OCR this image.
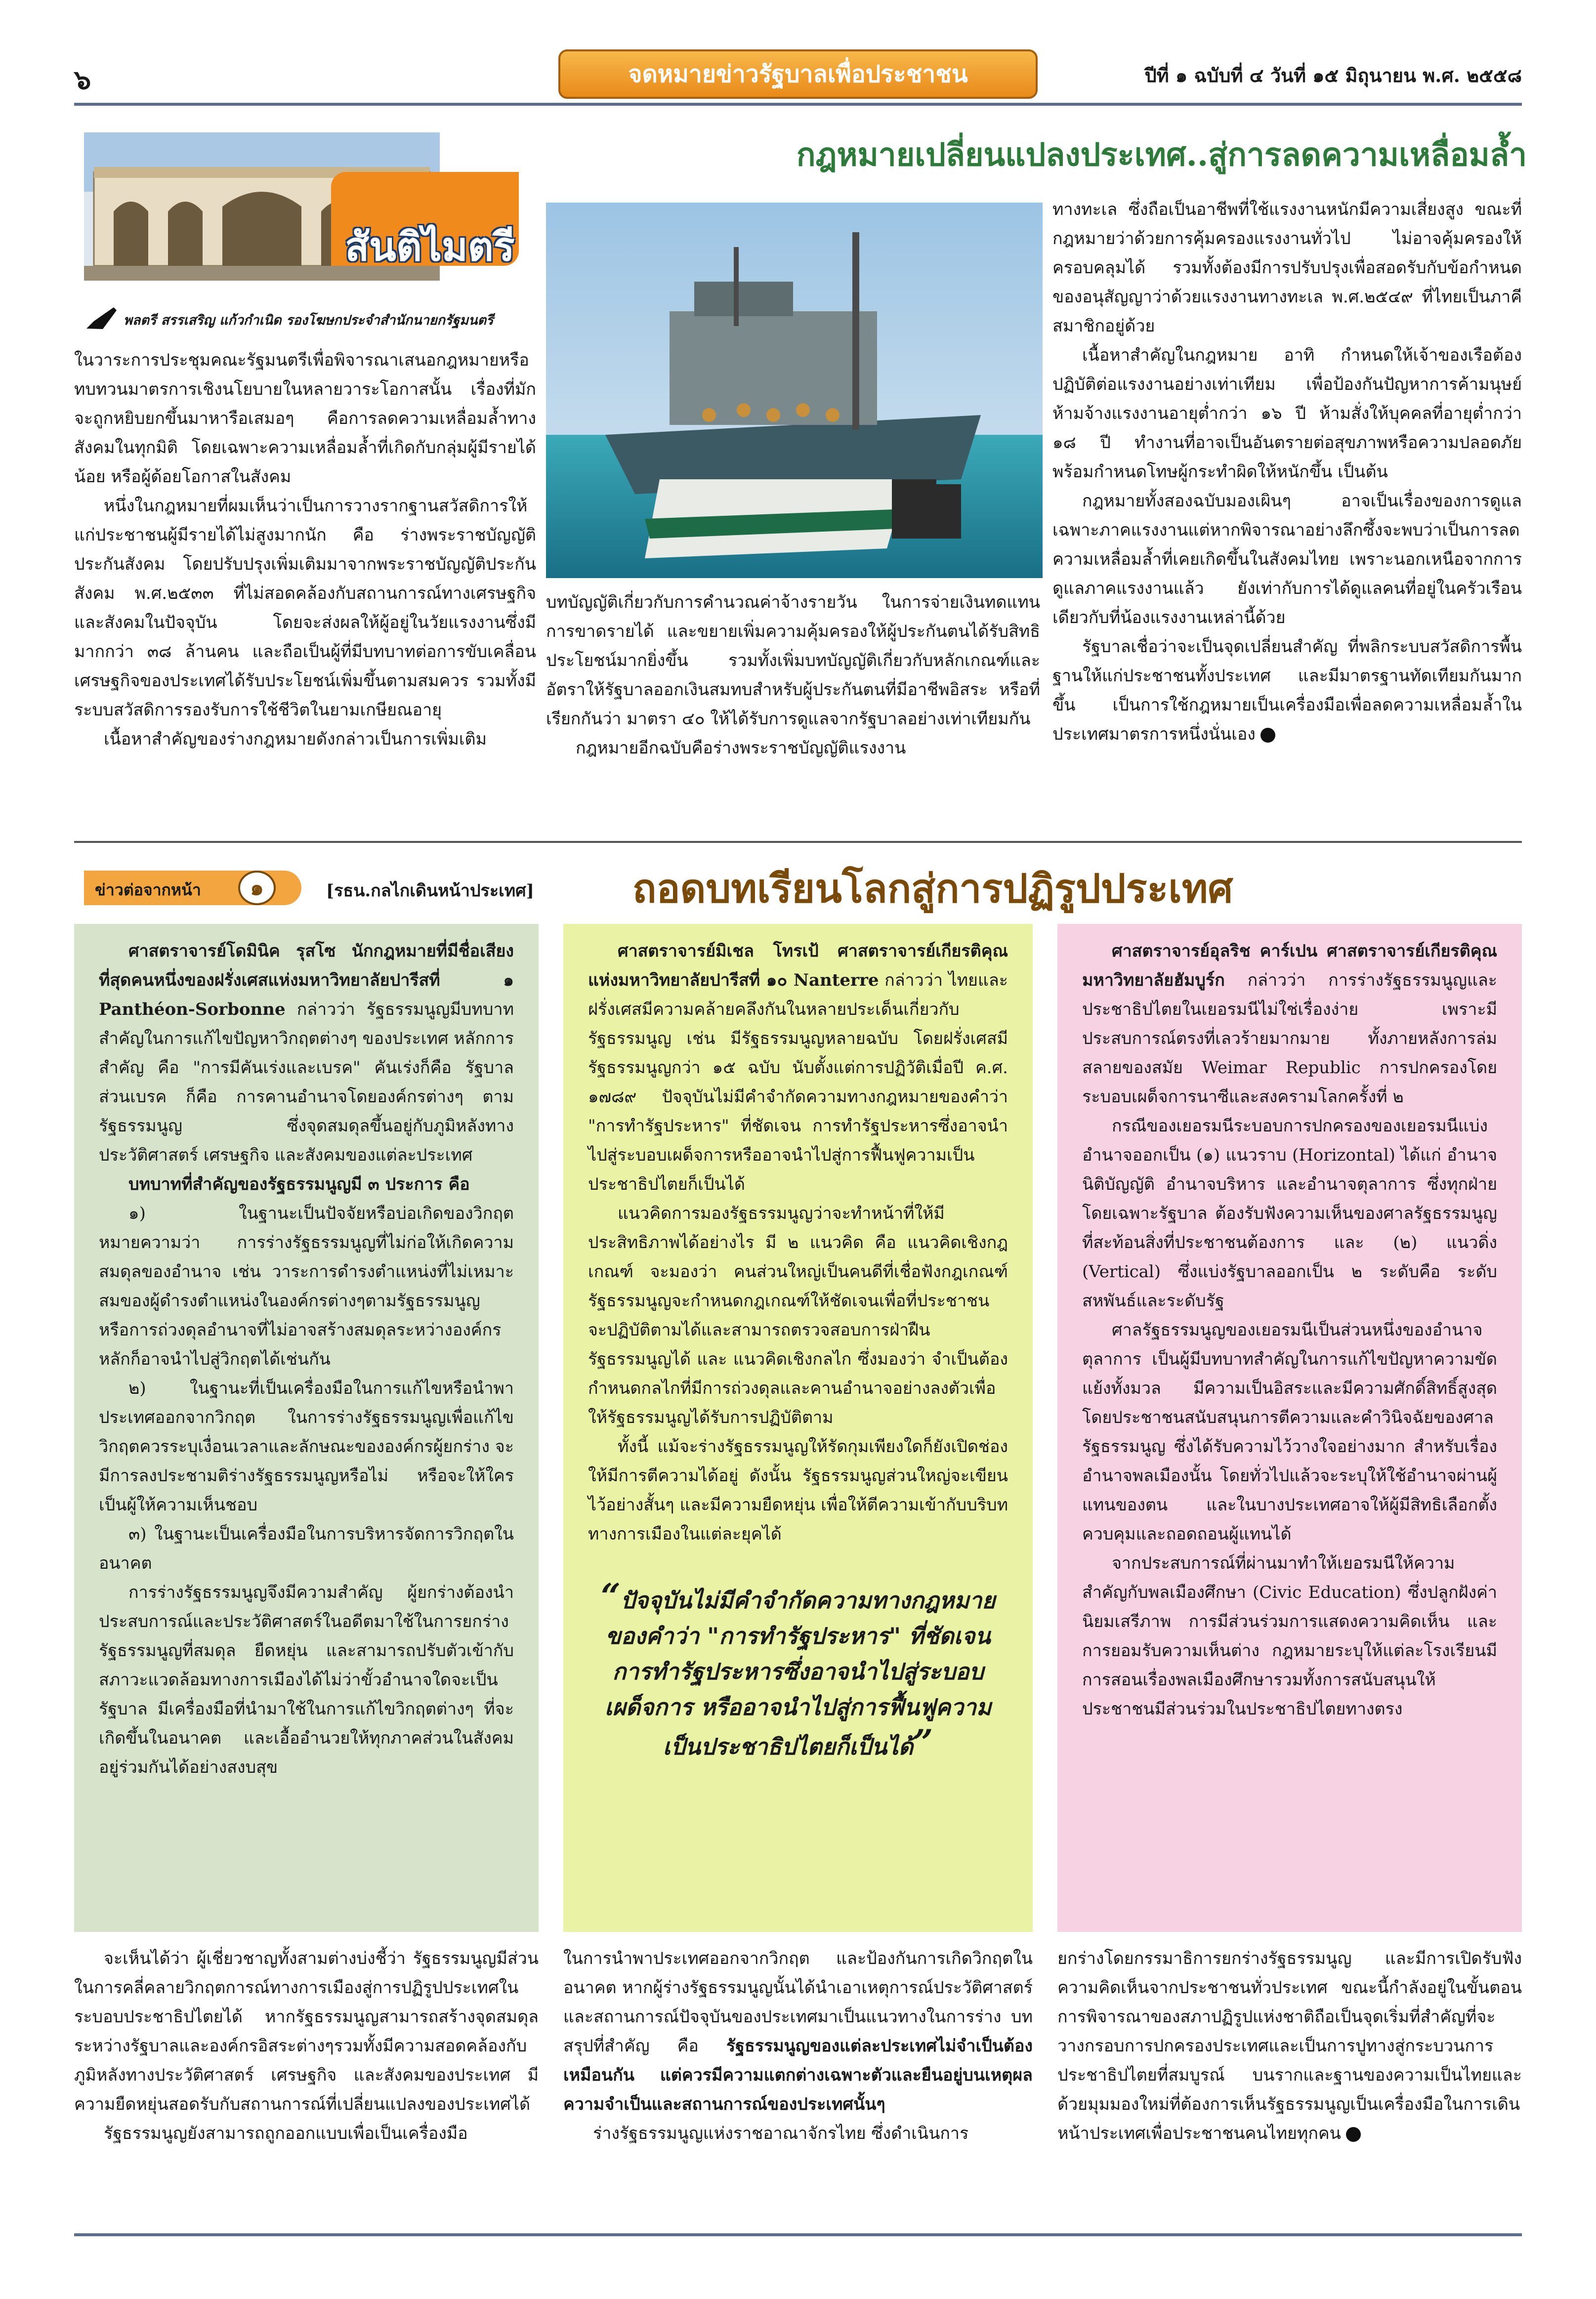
๖	จดหมายข่าวรัฐบาลเพื่อประชาชน	ปีที่ ๑ ฉบับที่ ๔ วันที่ ๑๕ มิถุนายน พ.ศ. ๒๕๕๘
สันติไมตรี
พลตรี สรรเสริญ แก้วกำเนิด รองโฆษกประจำสำนักนายกรัฐมนตรี
กฎหมายเปลี่ยนแปลงประเทศ..สู่การลดความเหลื่อมล้ำ

ในวาระการประชุมคณะรัฐมนตรีเพื่อพิจารณาเสนอกฎหมายหรือทบทวนมาตรการเชิงนโยบายในหลายวาระโอกาสนั้น เรื่องที่มักจะถูกหยิบยกขึ้นมาหารือเสมอๆ คือการลดความเหลื่อมล้ำทางสังคมในทุกมิติ โดยเฉพาะความเหลื่อมล้ำที่เกิดกับกลุ่มผู้มีรายได้น้อย หรือผู้ด้อยโอกาสในสังคม

หนึ่งในกฎหมายที่ผมเห็นว่าเป็นการวางรากฐานสวัสดิการให้แก่ประชาชนผู้มีรายได้ไม่สูงมากนัก คือ ร่างพระราชบัญญัติประกันสังคม โดยปรับปรุงเพิ่มเติมมาจากพระราชบัญญัติประกันสังคม พ.ศ.๒๕๓๓ ที่ไม่สอดคล้องกับสถานการณ์ทางเศรษฐกิจและสังคมในปัจจุบัน โดยจะส่งผลให้ผู้อยู่ในวัยแรงงานซึ่งมีมากกว่า ๓๘ ล้านคน และถือเป็นผู้ที่มีบทบาทต่อการขับเคลื่อนเศรษฐกิจของประเทศได้รับประโยชน์เพิ่มขึ้นตามสมควร รวมทั้งมีระบบสวัสดิการรองรับการใช้ชีวิตในยามเกษียณอายุ

เนื้อหาสำคัญของร่างกฎหมายดังกล่าวเป็นการเพิ่มเติม

บทบัญญัติเกี่ยวกับการคำนวณค่าจ้างรายวัน ในการจ่ายเงินทดแทนการขาดรายได้ และขยายเพิ่มความคุ้มครองให้ผู้ประกันตนได้รับสิทธิประโยชน์มากยิ่งขึ้น รวมทั้งเพิ่มบทบัญญัติเกี่ยวกับหลักเกณฑ์และอัตราให้รัฐบาลออกเงินสมทบสำหรับผู้ประกันตนที่มีอาชีพอิสระ หรือที่เรียกกันว่า มาตรา ๔๐ ให้ได้รับการดูแลจากรัฐบาลอย่างเท่าเทียมกัน

กฎหมายอีกฉบับคือร่างพระราชบัญญัติแรงงาน

ทางทะเล ซึ่งถือเป็นอาชีพที่ใช้แรงงานหนักมีความเสี่ยงสูง ขณะที่กฎหมายว่าด้วยการคุ้มครองแรงงานทั่วไป ไม่อาจคุ้มครองให้ครอบคลุมได้ รวมทั้งต้องมีการปรับปรุงเพื่อสอดรับกับข้อกำหนดของอนุสัญญาว่าด้วยแรงงานทางทะเล พ.ศ.๒๕๔๙ ที่ไทยเป็นภาคีสมาชิกอยู่ด้วย

เนื้อหาสำคัญในกฎหมาย อาทิ กำหนดให้เจ้าของเรือต้องปฏิบัติต่อแรงงานอย่างเท่าเทียม เพื่อป้องกันปัญหาการค้ามนุษย์ ห้ามจ้างแรงงานอายุต่ำกว่า ๑๖ ปี ห้ามสั่งให้บุคคลที่อายุต่ำกว่า ๑๘ ปี ทำงานที่อาจเป็นอันตรายต่อสุขภาพหรือความปลอดภัย พร้อมกำหนดโทษผู้กระทำผิดให้หนักขึ้น เป็นต้น

กฎหมายทั้งสองฉบับมองเผินๆ อาจเป็นเรื่องของการดูแลเฉพาะภาคแรงงานแต่หากพิจารณาอย่างลึกซึ้งจะพบว่าเป็นการลดความเหลื่อมล้ำที่เคยเกิดขึ้นในสังคมไทย เพราะนอกเหนือจากการดูแลภาคแรงงานแล้ว ยังเท่ากับการได้ดูแลคนที่อยู่ในครัวเรือนเดียวกับที่น้องแรงงานเหล่านี้ด้วย

รัฐบาลเชื่อว่าจะเป็นจุดเปลี่ยนสำคัญ ที่พลิกระบบสวัสดิการพื้นฐานให้แก่ประชาชนทั้งประเทศ และมีมาตรฐานทัดเทียมกันมากขึ้น เป็นการใช้กฎหมายเป็นเครื่องมือเพื่อลดความเหลื่อมล้ำในประเทศมาตรการหนึ่งนั่นเอง

ข่าวต่อจากหน้า	๑	[รธน.กลไกเดินหน้าประเทศ] ถอดบทเรียนโลกสู่การปฏิรูปประเทศ

ศาสตราจารย์โดมินิค รุสโซ นักกฎหมายที่มีชื่อเสียงที่สุดคนหนึ่งของฝรั่งเศสแห่งมหาวิทยาลัยปารีสที่ ๑ Panthéon-Sorbonne กล่าวว่า รัฐธรรมนูญมีบทบาทสำคัญในการแก้ไขปัญหาวิกฤตต่างๆ ของประเทศ หลักการสำคัญ คือ "การมีคันเร่งและเบรค" คันเร่งก็คือ รัฐบาล ส่วนเบรค ก็คือ การคานอำนาจโดยองค์กรต่างๆ ตามรัฐธรรมนูญ ซึ่งจุดสมดุลขึ้นอยู่กับภูมิหลังทางประวัติศาสตร์ เศรษฐกิจ และสังคมของแต่ละประเทศ

บทบาทที่สำคัญของรัฐธรรมนูญมี ๓ ประการ คือ

๑) ในฐานะเป็นปัจจัยหรือบ่อเกิดของวิกฤต หมายความว่า การร่างรัฐธรรมนูญที่ไม่ก่อให้เกิดความสมดุลของอำนาจ เช่น วาระการดำรงตำแหน่งที่ไม่เหมาะสมของผู้ดำรงตำแหน่งในองค์กรต่างๆตามรัฐธรรมนูญ หรือการถ่วงดุลอำนาจที่ไม่อาจสร้างสมดุลระหว่างองค์กรหลักก็อาจนำไปสู่วิกฤตได้เช่นกัน

๒) ในฐานะที่เป็นเครื่องมือในการแก้ไขหรือนำพาประเทศออกจากวิกฤต ในการร่างรัฐธรรมนูญเพื่อแก้ไขวิกฤตควรระบุเงื่อนเวลาและลักษณะขององค์กรผู้ยกร่าง จะมีการลงประชามติร่างรัฐธรรมนูญหรือไม่ หรือจะให้ใครเป็นผู้ให้ความเห็นชอบ

๓) ในฐานะเป็นเครื่องมือในการบริหารจัดการวิกฤตในอนาคต

การร่างรัฐธรรมนูญจึงมีความสำคัญ ผู้ยกร่างต้องนำประสบการณ์และประวัติศาสตร์ในอดีตมาใช้ในการยกร่างรัฐธรรมนูญที่สมดุล ยืดหยุ่น และสามารถปรับตัวเข้ากับสภาวะแวดล้อมทางการเมืองได้ไม่ว่าขั้วอำนาจใดจะเป็นรัฐบาล มีเครื่องมือที่นำมาใช้ในการแก้ไขวิกฤตต่างๆ ที่จะเกิดขึ้นในอนาคต และเอื้ออำนวยให้ทุกภาคส่วนในสังคมอยู่ร่วมกันได้อย่างสงบสุข

ศาสตราจารย์มิเชล โทรเป้ ศาสตราจารย์เกียรติคุณแห่งมหาวิทยาลัยปารีสที่ ๑๐ Nanterre กล่าวว่า ไทยและฝรั่งเศสมีความคล้ายคลึงกันในหลายประเด็นเกี่ยวกับรัฐธรรมนูญ เช่น มีรัฐธรรมนูญหลายฉบับ โดยฝรั่งเศสมีรัฐธรรมนูญกว่า ๑๕ ฉบับ นับตั้งแต่การปฏิวัติเมื่อปี ค.ศ. ๑๗๘๙ ปัจจุบันไม่มีคำจำกัดความทางกฎหมายของคำว่า "การทำรัฐประหาร" ที่ชัดเจน การทำรัฐประหารซึ่งอาจนำไปสู่ระบอบเผด็จการหรืออาจนำไปสู่การฟื้นฟูความเป็นประชาธิปไตยก็เป็นได้

แนวคิดการมองรัฐธรรมนูญว่าจะทำหน้าที่ให้มีประสิทธิภาพได้อย่างไร มี ๒ แนวคิด คือ แนวคิดเชิงกฎเกณฑ์ จะมองว่า คนส่วนใหญ่เป็นคนดีที่เชื่อฟังกฎเกณฑ์ รัฐธรรมนูญจะกำหนดกฎเกณฑ์ให้ชัดเจนเพื่อที่ประชาชนจะปฏิบัติตามได้และสามารถตรวจสอบการฝ่าฝืนรัฐธรรมนูญได้ และ แนวคิดเชิงกลไก ซึ่งมองว่า จำเป็นต้องกำหนดกลไกที่มีการถ่วงดุลและคานอำนาจอย่างลงตัวเพื่อให้รัฐธรรมนูญได้รับการปฏิบัติตาม

ทั้งนี้ แม้จะร่างรัฐธรรมนูญให้รัดกุมเพียงใดก็ยังเปิดช่องให้มีการตีความได้อยู่ ดังนั้น รัฐธรรมนูญส่วนใหญ่จะเขียนไว้อย่างสั้นๆ และมีความยืดหยุ่น เพื่อให้ตีความเข้ากับบริบททางการเมืองในแต่ละยุคได้

“ปัจจุบันไม่มีคำจำกัดความทางกฎหมายของคำว่า "การทำรัฐประหาร" ที่ชัดเจน การทำรัฐประหารซึ่งอาจนำไปสู่ระบอบเผด็จการ หรืออาจนำไปสู่การฟื้นฟูความเป็นประชาธิปไตยก็เป็นได้”

ศาสตราจารย์อุลริช คาร์เปน ศาสตราจารย์เกียรติคุณ มหาวิทยาลัยฮัมบูร์ก กล่าวว่า การร่างรัฐธรรมนูญและประชาธิปไตยในเยอรมนีไม่ใช่เรื่องง่าย เพราะมีประสบการณ์ตรงที่เลวร้ายมากมาย ทั้งภายหลังการล่มสลายของสมัย Weimar Republic การปกครองโดยระบอบเผด็จการนาซีและสงครามโลกครั้งที่ ๒

กรณีของเยอรมนีระบอบการปกครองของเยอรมนีแบ่งอำนาจออกเป็น (๑) แนวราบ (Horizontal) ได้แก่ อำนาจนิติบัญญัติ อำนาจบริหาร และอำนาจตุลาการ ซึ่งทุกฝ่ายโดยเฉพาะรัฐบาล ต้องรับฟังความเห็นของศาลรัฐธรรมนูญที่สะท้อนสิ่งที่ประชาชนต้องการ และ (๒) แนวดิ่ง (Vertical) ซึ่งแบ่งรัฐบาลออกเป็น ๒ ระดับคือ ระดับสหพันธ์และระดับรัฐ

ศาลรัฐธรรมนูญของเยอรมนีเป็นส่วนหนึ่งของอำนาจตุลาการ เป็นผู้มีบทบาทสำคัญในการแก้ไขปัญหาความขัดแย้งทั้งมวล มีความเป็นอิสระและมีความศักดิ์สิทธิ์สูงสุด โดยประชาชนสนับสนุนการตีความและคำวินิจฉัยของศาลรัฐธรรมนูญ ซึ่งได้รับความไว้วางใจอย่างมาก สำหรับเรื่องอำนาจพลเมืองนั้น โดยทั่วไปแล้วจะระบุให้ใช้อำนาจผ่านผู้แทนของตน และในบางประเทศอาจให้ผู้มีสิทธิเลือกตั้งควบคุมและถอดถอนผู้แทนได้

จากประสบการณ์ที่ผ่านมาทำให้เยอรมนีให้ความสำคัญกับพลเมืองศึกษา (Civic Education) ซึ่งปลูกฝังค่านิยมเสรีภาพ การมีส่วนร่วมการแสดงความคิดเห็น และการยอมรับความเห็นต่าง กฎหมายระบุให้แต่ละโรงเรียนมีการสอนเรื่องพลเมืองศึกษารวมทั้งการสนับสนุนให้ประชาชนมีส่วนร่วมในประชาธิปไตยทางตรง

จะเห็นได้ว่า ผู้เชี่ยวชาญทั้งสามต่างบ่งชี้ว่า รัฐธรรมนูญมีส่วนในการคลี่คลายวิกฤตการณ์ทางการเมืองสู่การปฏิรูปประเทศในระบอบประชาธิปไตยได้ หากรัฐธรรมนูญสามารถสร้างจุดสมดุลระหว่างรัฐบาลและองค์กรอิสระต่างๆรวมทั้งมีความสอดคล้องกับภูมิหลังทางประวัติศาสตร์ เศรษฐกิจ และสังคมของประเทศ มีความยืดหยุ่นสอดรับกับสถานการณ์ที่เปลี่ยนแปลงของประเทศได้

รัฐธรรมนูญยังสามารถถูกออกแบบเพื่อเป็นเครื่องมือ

ในการนำพาประเทศออกจากวิกฤต และป้องกันการเกิดวิกฤตในอนาคต หากผู้ร่างรัฐธรรมนูญนั้นได้นำเอาเหตุการณ์ประวัติศาสตร์ และสถานการณ์ปัจจุบันของประเทศมาเป็นแนวทางในการร่าง บทสรุปที่สำคัญ คือ รัฐธรรมนูญของแต่ละประเทศไม่จำเป็นต้องเหมือนกัน แต่ควรมีความแตกต่างเฉพาะตัวและยืนอยู่บนเหตุผลความจำเป็นและสถานการณ์ของประเทศนั้นๆ

ร่างรัฐธรรมนูญแห่งราชอาณาจักรไทย ซึ่งดำเนินการ

ยกร่างโดยกรรมาธิการยกร่างรัฐธรรมนูญ และมีการเปิดรับฟังความคิดเห็นจากประชาชนทั่วประเทศ ขณะนี้กำลังอยู่ในขั้นตอนการพิจารณาของสภาปฏิรูปแห่งชาติถือเป็นจุดเริ่มที่สำคัญที่จะวางกรอบการปกครองประเทศและเป็นการปูทางสู่กระบวนการประชาธิปไตยที่สมบูรณ์ บนรากและฐานของความเป็นไทยและด้วยมุมมองใหม่ที่ต้องการเห็นรัฐธรรมนูญเป็นเครื่องมือในการเดินหน้าประเทศเพื่อประชาชนคนไทยทุกคน
